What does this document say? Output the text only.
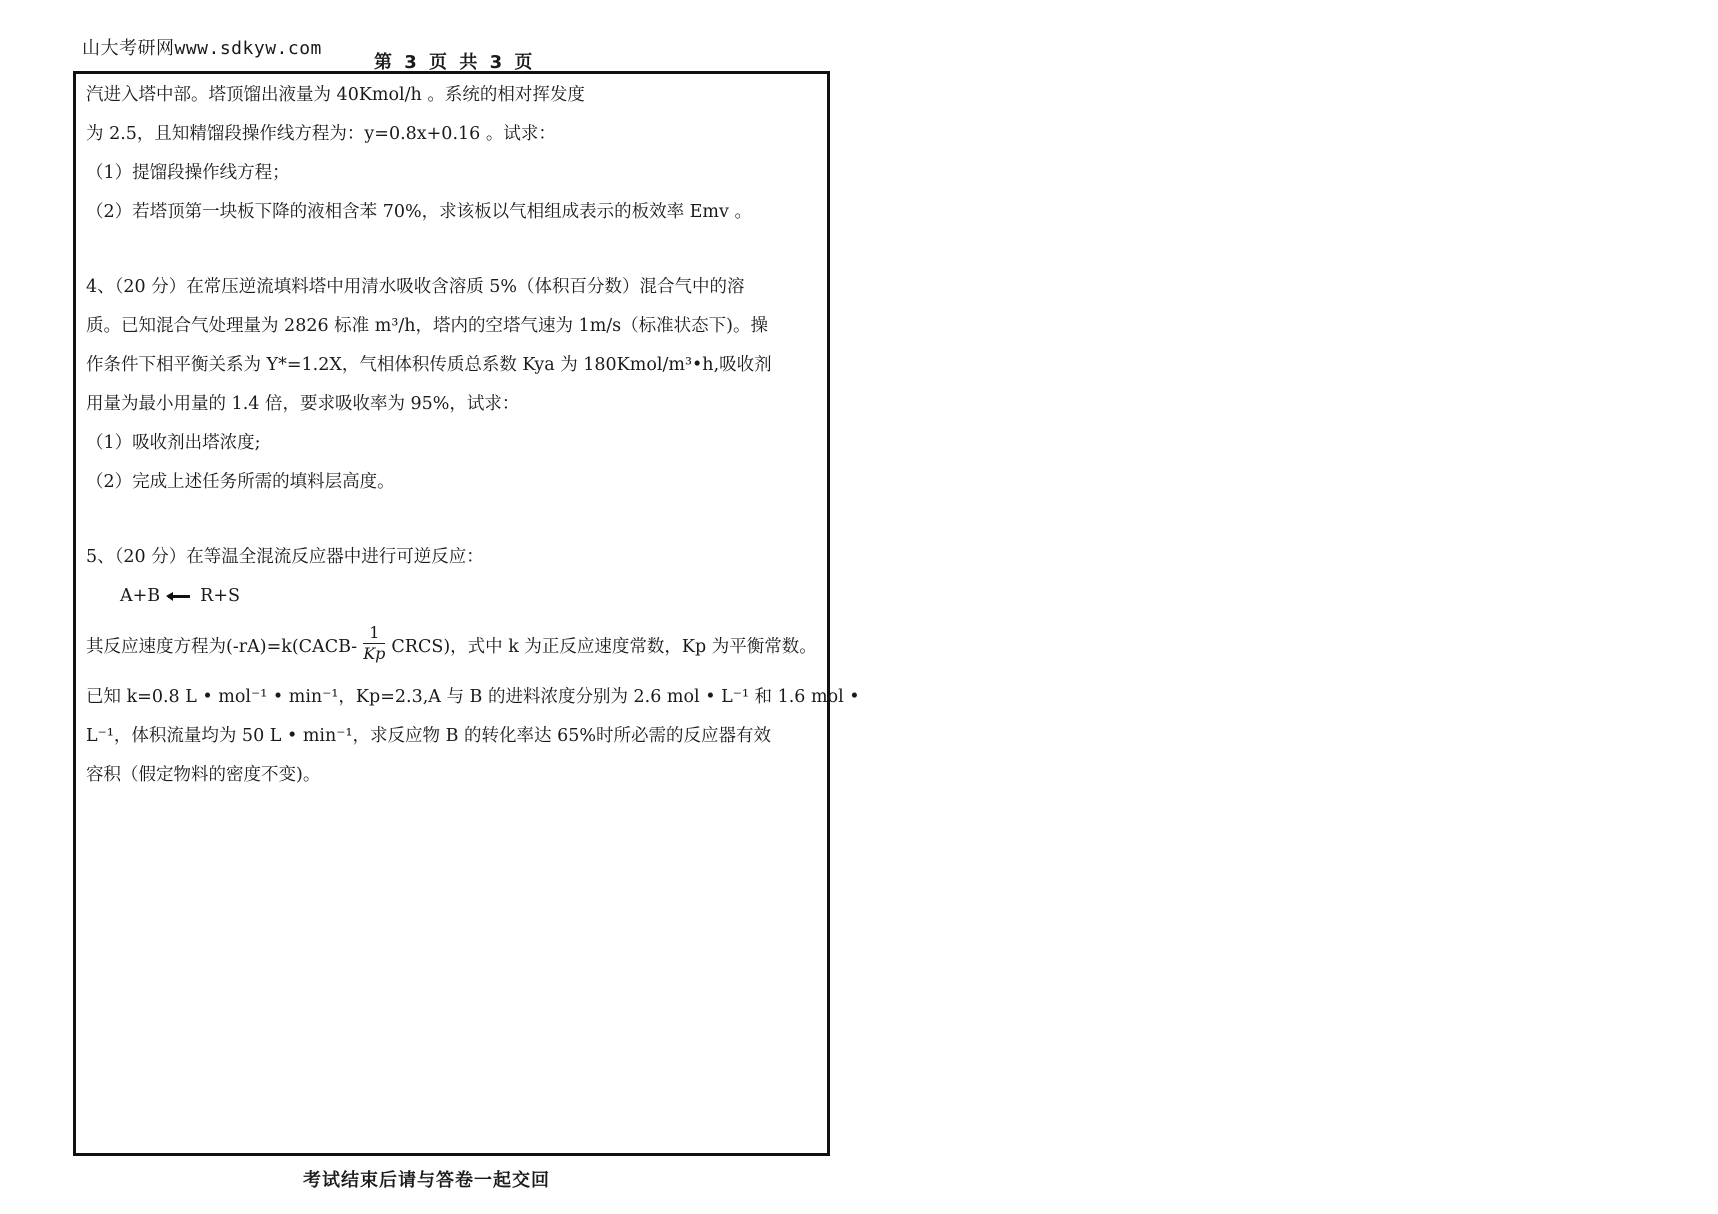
山大考研网www.sdkyw.com
第 3 页 共 3 页
汽进入塔中部。塔顶馏出液量为 40Kmol/h 。系统的相对挥发度
为 2.5，且知精馏段操作线方程为：y=0.8x+0.16 。试求：
（1）提馏段操作线方程；
（2）若塔顶第一块板下降的液相含苯 70%，求该板以气相组成表示的板效率 Emv 。
4、（20 分）在常压逆流填料塔中用清水吸收含溶质 5%（体积百分数）混合气中的溶
质。已知混合气处理量为 2826 标准 m³/h，塔内的空塔气速为 1m/s（标准状态下)。操
作条件下相平衡关系为 Y*=1.2X，气相体积传质总系数 Kya 为 180Kmol/m³•h,吸收剂
用量为最小用量的 1.4 倍，要求吸收率为 95%，试求：
（1）吸收剂出塔浓度;
（2）完成上述任务所需的填料层高度。
5、（20 分）在等温全混流反应器中进行可逆反应：
A+B R+S
其反应速度方程为(-rA)=k(CACB- $\frac{1}{Kp}$ CRCS)，式中 k 为正反应速度常数，Kp 为平衡常数。
已知 k=0.8 L • mol⁻¹ • min⁻¹，Kp=2.3,A 与 B 的进料浓度分别为 2.6 mol • L⁻¹ 和 1.6 mol •
L⁻¹，体积流量均为 50 L • min⁻¹，求反应物 B 的转化率达 65%时所必需的反应器有效
容积（假定物料的密度不变)。
考试结束后请与答卷一起交回
